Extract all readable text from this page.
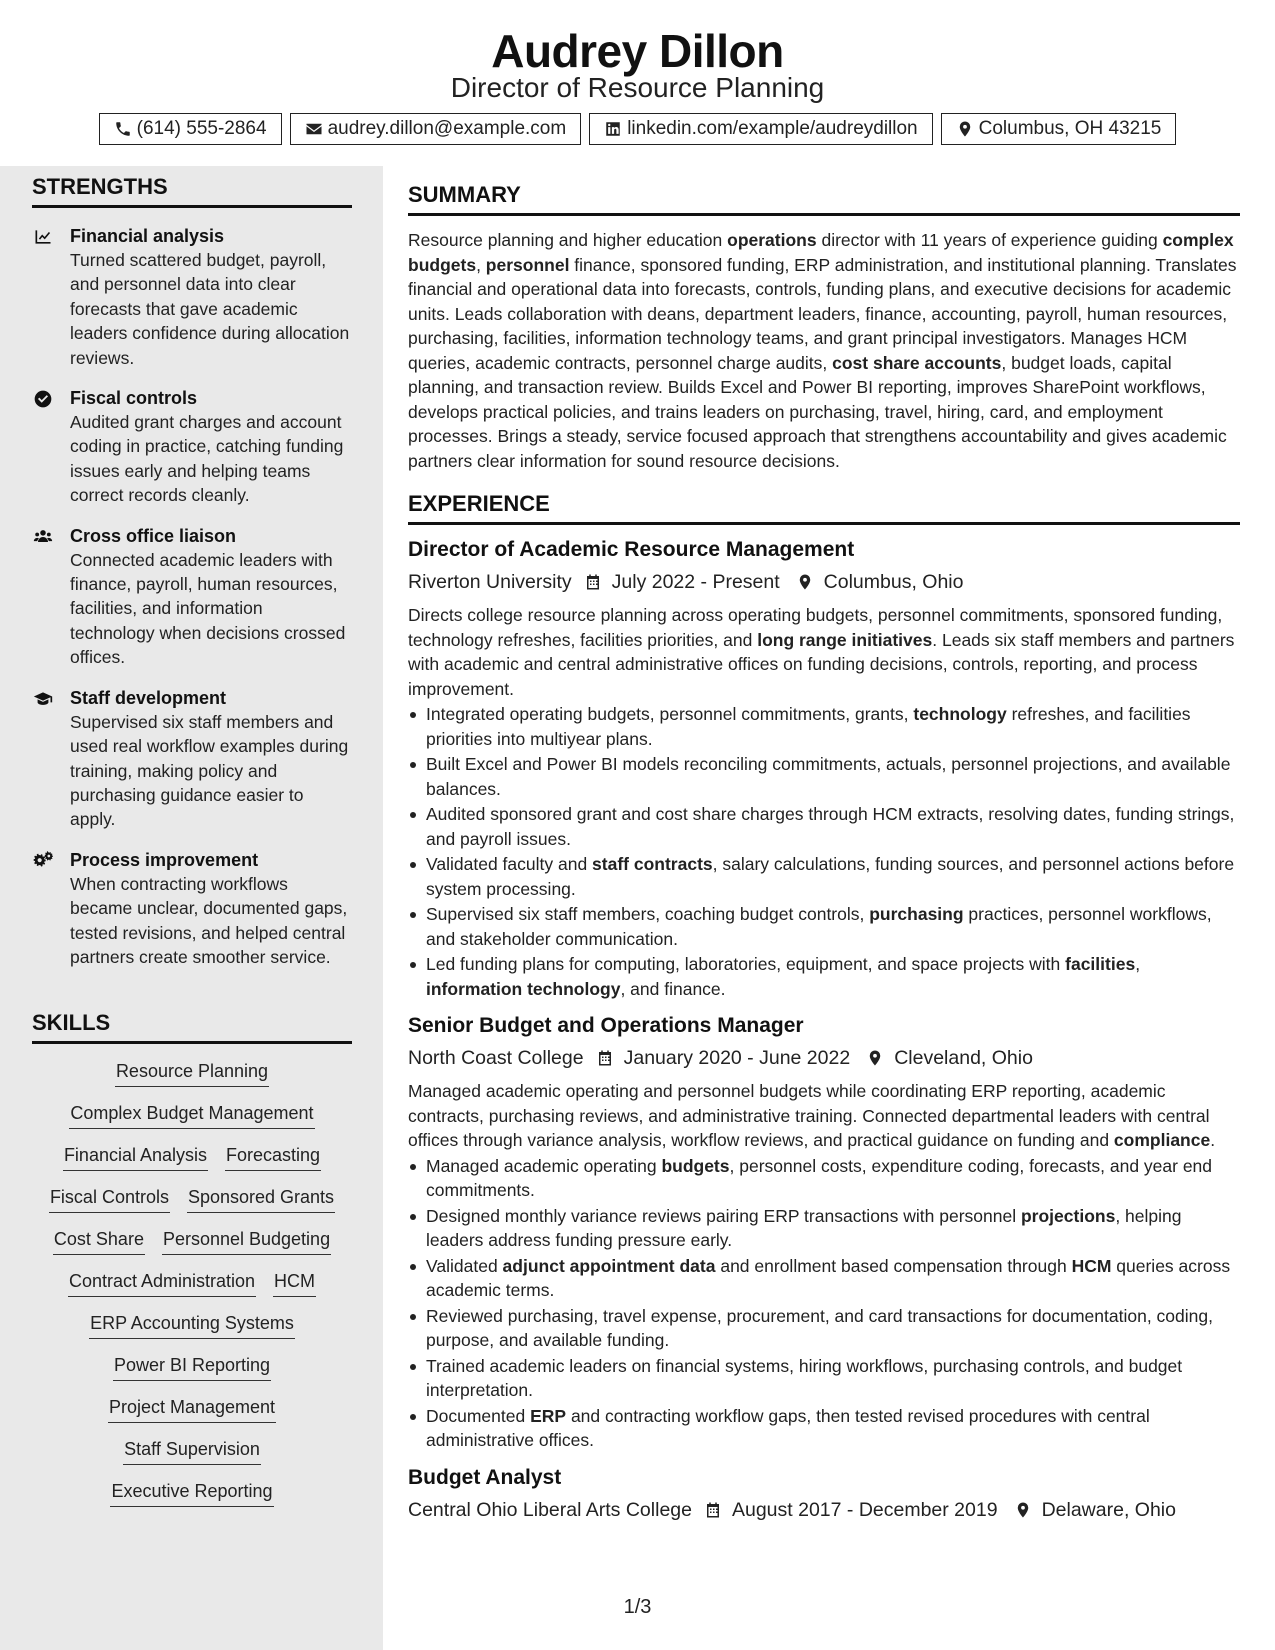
Audrey Dillon
Director of Resource Planning
(614) 555-2864	audrey.dillon@example.com	linkedin.com/example/audreydillon	Columbus, OH 43215
STRENGTHS
Financial analysis

Turned scattered budget, payroll, and personnel data into clear forecasts that gave academic leaders confidence during allocation reviews.

Fiscal controls

Audited grant charges and account coding in practice, catching funding issues early and helping teams correct records cleanly.

Cross office liaison

Connected academic leaders with finance, payroll, human resources, facilities, and information technology when decisions crossed offices.

Staff development

Supervised six staff members and used real workflow examples during training, making policy and purchasing guidance easier to apply.

Process improvement

When contracting workflows became unclear, documented gaps, tested revisions, and helped central partners create smoother service.

SKILLS
Resource Planning
Complex Budget Management
Financial Analysis Forecasting
Fiscal Controls Sponsored Grants
Cost Share Personnel Budgeting
Contract Administration HCM
ERP Accounting Systems
Power BI Reporting
Project Management
Staff Supervision
Executive Reporting
SUMMARY

Resource planning and higher education operations director with 11 years of experience guiding complex budgets, personnel finance, sponsored funding, ERP administration, and institutional planning. Translates financial and operational data into forecasts, controls, funding plans, and executive decisions for academic units. Leads collaboration with deans, department leaders, finance, accounting, payroll, human resources, purchasing, facilities, information technology teams, and grant principal investigators. Manages HCM queries, academic contracts, personnel charge audits, cost share accounts, budget loads, capital planning, and transaction review. Builds Excel and Power BI reporting, improves SharePoint workflows, develops practical policies, and trains leaders on purchasing, travel, hiring, card, and employment processes. Brings a steady, service focused approach that strengthens accountability and gives academic partners clear information for sound resource decisions.

EXPERIENCE
Director of Academic Resource Management
Riverton University July 2022 - Present Columbus, Ohio

Directs college resource planning across operating budgets, personnel commitments, sponsored funding, technology refreshes, facilities priorities, and long range initiatives. Leads six staff members and partners with academic and central administrative offices on funding decisions, controls, reporting, and process improvement.

Integrated operating budgets, personnel commitments, grants, technology refreshes, and facilities priorities into multiyear plans.
Built Excel and Power BI models reconciling commitments, actuals, personnel projections, and available balances.
Audited sponsored grant and cost share charges through HCM extracts, resolving dates, funding strings, and payroll issues.
Validated faculty and staff contracts, salary calculations, funding sources, and personnel actions before system processing.
Supervised six staff members, coaching budget controls, purchasing practices, personnel workflows, and stakeholder communication.
Led funding plans for computing, laboratories, equipment, and space projects with facilities, information technology, and finance.
Senior Budget and Operations Manager
North Coast College January 2020 - June 2022 Cleveland, Ohio

Managed academic operating and personnel budgets while coordinating ERP reporting, academic contracts, purchasing reviews, and administrative training. Connected departmental leaders with central offices through variance analysis, workflow reviews, and practical guidance on funding and compliance.

Managed academic operating budgets, personnel costs, expenditure coding, forecasts, and year end commitments.
Designed monthly variance reviews pairing ERP transactions with personnel projections, helping leaders address funding pressure early.
Validated adjunct appointment data and enrollment based compensation through HCM queries across academic terms.
Reviewed purchasing, travel expense, procurement, and card transactions for documentation, coding, purpose, and available funding.
Trained academic leaders on financial systems, hiring workflows, purchasing controls, and budget interpretation.
Documented ERP and contracting workflow gaps, then tested revised procedures with central administrative offices.
Budget Analyst
Central Ohio Liberal Arts College August 2017 - December 2019 Delaware, Ohio
1/3
